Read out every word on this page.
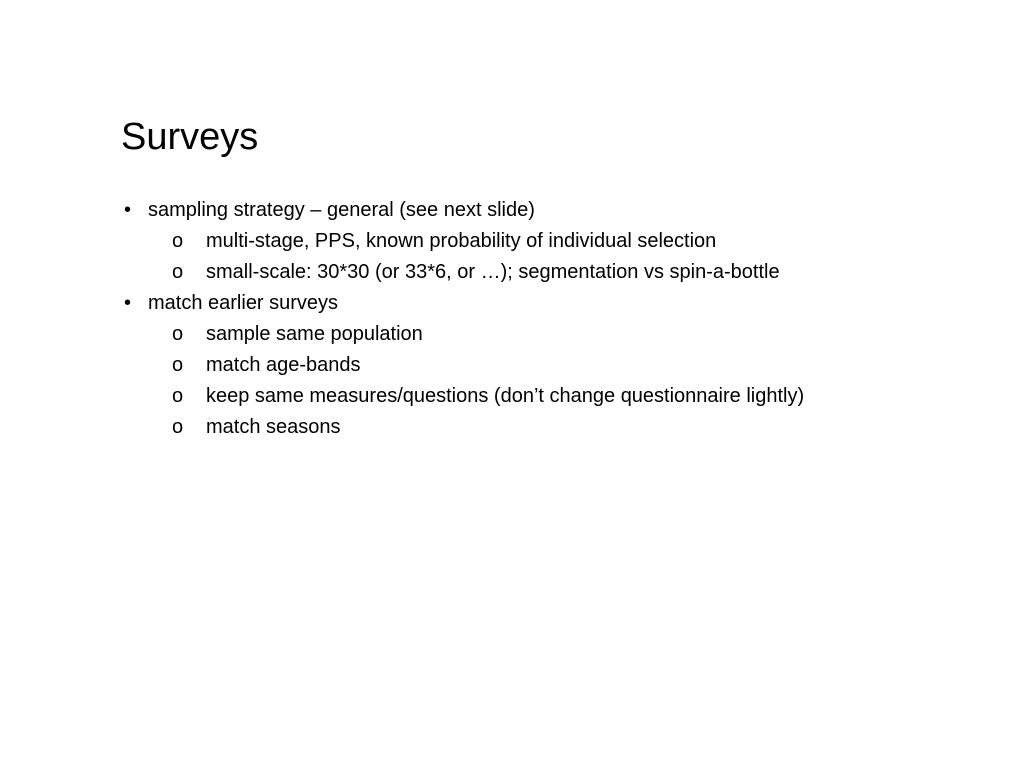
Surveys
• sampling strategy – general (see next slide)
o multi-stage, PPS, known probability of individual selection
o small-scale: 30*30 (or 33*6, or …); segmentation vs spin-a-bottle
• match earlier surveys
o sample same population
o match age-bands
o keep same measures/questions (don’t change questionnaire lightly)
o match seasons
